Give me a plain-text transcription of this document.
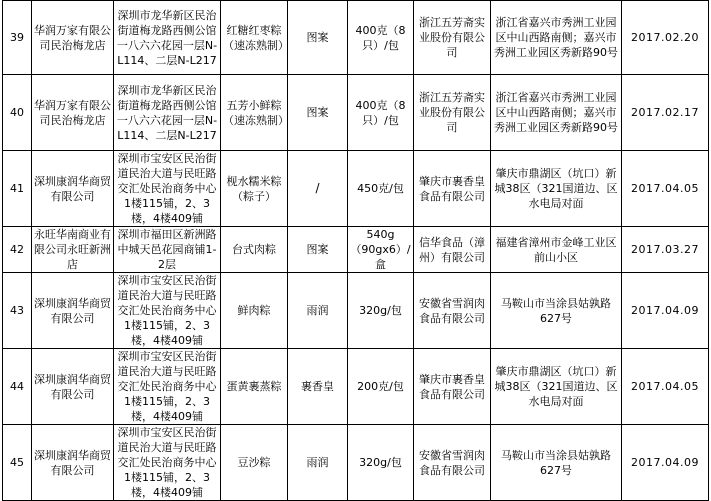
39	华润万家有限公司民治梅龙店	深圳市龙华新区民治街道梅龙路西侧公馆一八六六花园一层N-L114、二层N-L217	红糖红枣粽（速冻熟制）	图案	400克（8只）/包	浙江五芳斋实业股份有限公司	浙江省嘉兴市秀洲工业园区中山西路南侧；嘉兴市秀洲工业园区秀新路90号	2017.02.20
40	华润万家有限公司民治梅龙店	深圳市龙华新区民治街道梅龙路西侧公馆一八六六花园一层N-L114、二层N-L217	五芳小鲜粽（速冻熟制）	图案	400克（8只）/包	浙江五芳斋实业股份有限公司	浙江省嘉兴市秀洲工业园区中山西路南侧；嘉兴市秀洲工业园区秀新路90号	2017.02.17
41	深圳康润华商贸有限公司	深圳市宝安区民治街道民治大道与民旺路交汇处民治商务中心1楼115铺，2、3楼，4楼409铺	枧水糯米粽（粽子）	/	450克/包	肇庆市裹香皇食品有限公司	肇庆市鼎湖区（坑口）新城38区（321国道边、区水电局对面	2017.04.05
42	永旺华南商业有限公司永旺新洲店	深圳市福田区新洲路中城天邑花园商铺1-2层	台式肉粽	图案	540g（90gx6）/盒	信华食品（漳州）有限公司	福建省漳州市金峰工业区前山小区	2017.03.27
43	深圳康润华商贸有限公司	深圳市宝安区民治街道民治大道与民旺路交汇处民治商务中心1楼115铺，2、3楼，4楼409铺	鲜肉粽	雨润	320g/包	安徽省雪润肉食品有限公司	马鞍山市当涂县姑孰路627号	2017.04.09
44	深圳康润华商贸有限公司	深圳市宝安区民治街道民治大道与民旺路交汇处民治商务中心1楼115铺，2、3楼，4楼409铺	蛋黄裹蒸粽	裹香皇	200克/包	肇庆市裹香皇食品有限公司	肇庆市鼎湖区（坑口）新城38区（321国道边、区水电局对面	2017.04.05
45	深圳康润华商贸有限公司	深圳市宝安区民治街道民治大道与民旺路交汇处民治商务中心1楼115铺，2、3楼，4楼409铺	豆沙粽	雨润	320g/包	安徽省雪润肉食品有限公司	马鞍山市当涂县姑孰路627号	2017.04.09
